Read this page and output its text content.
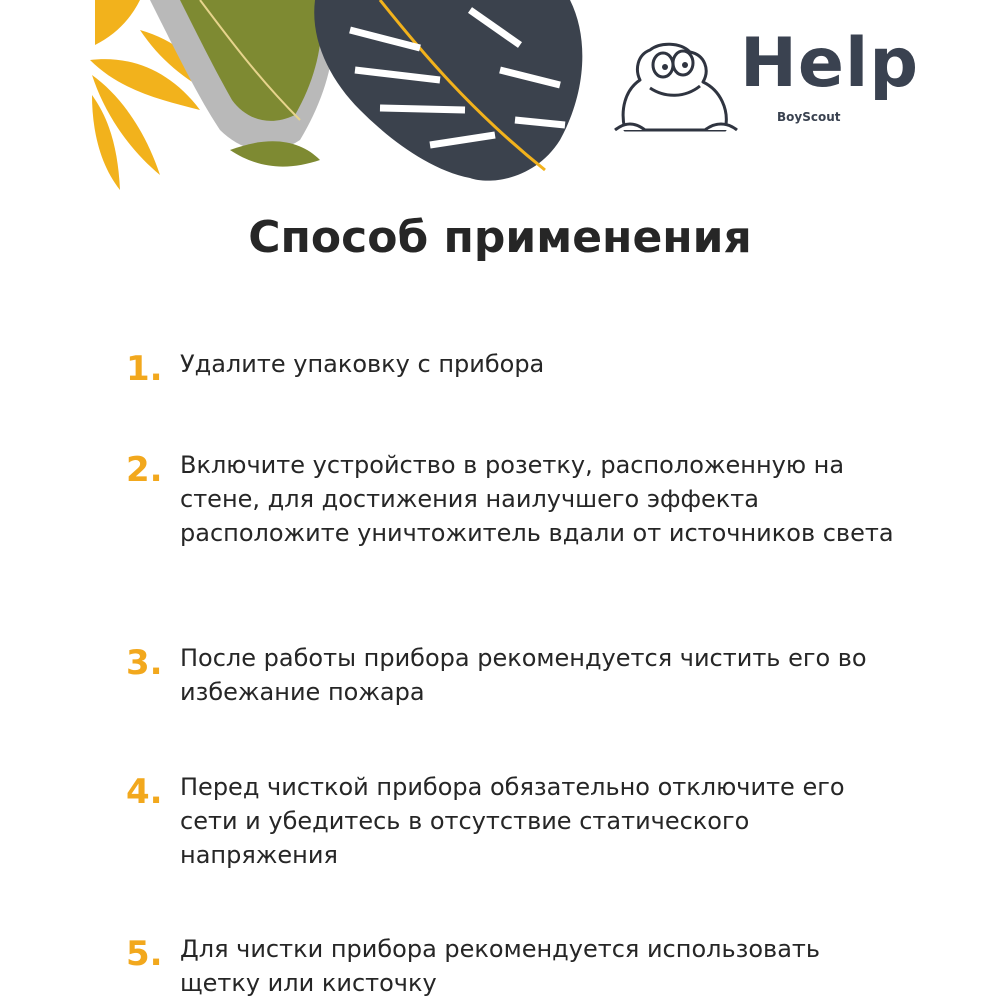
Help
BoyScout
Способ применения
1. Удалите упаковку с прибора
2. Включите устройство в розетку, расположенную на стене, для достижения наилучшего эффекта расположите уничтожитель вдали от источников света
3. После работы прибора рекомендуется чистить его во избежание пожара
4. Перед чисткой прибора обязательно отключите его сети и убедитесь в отсутствие статического напряжения
5. Для чистки прибора рекомендуется использовать щетку или кисточку
